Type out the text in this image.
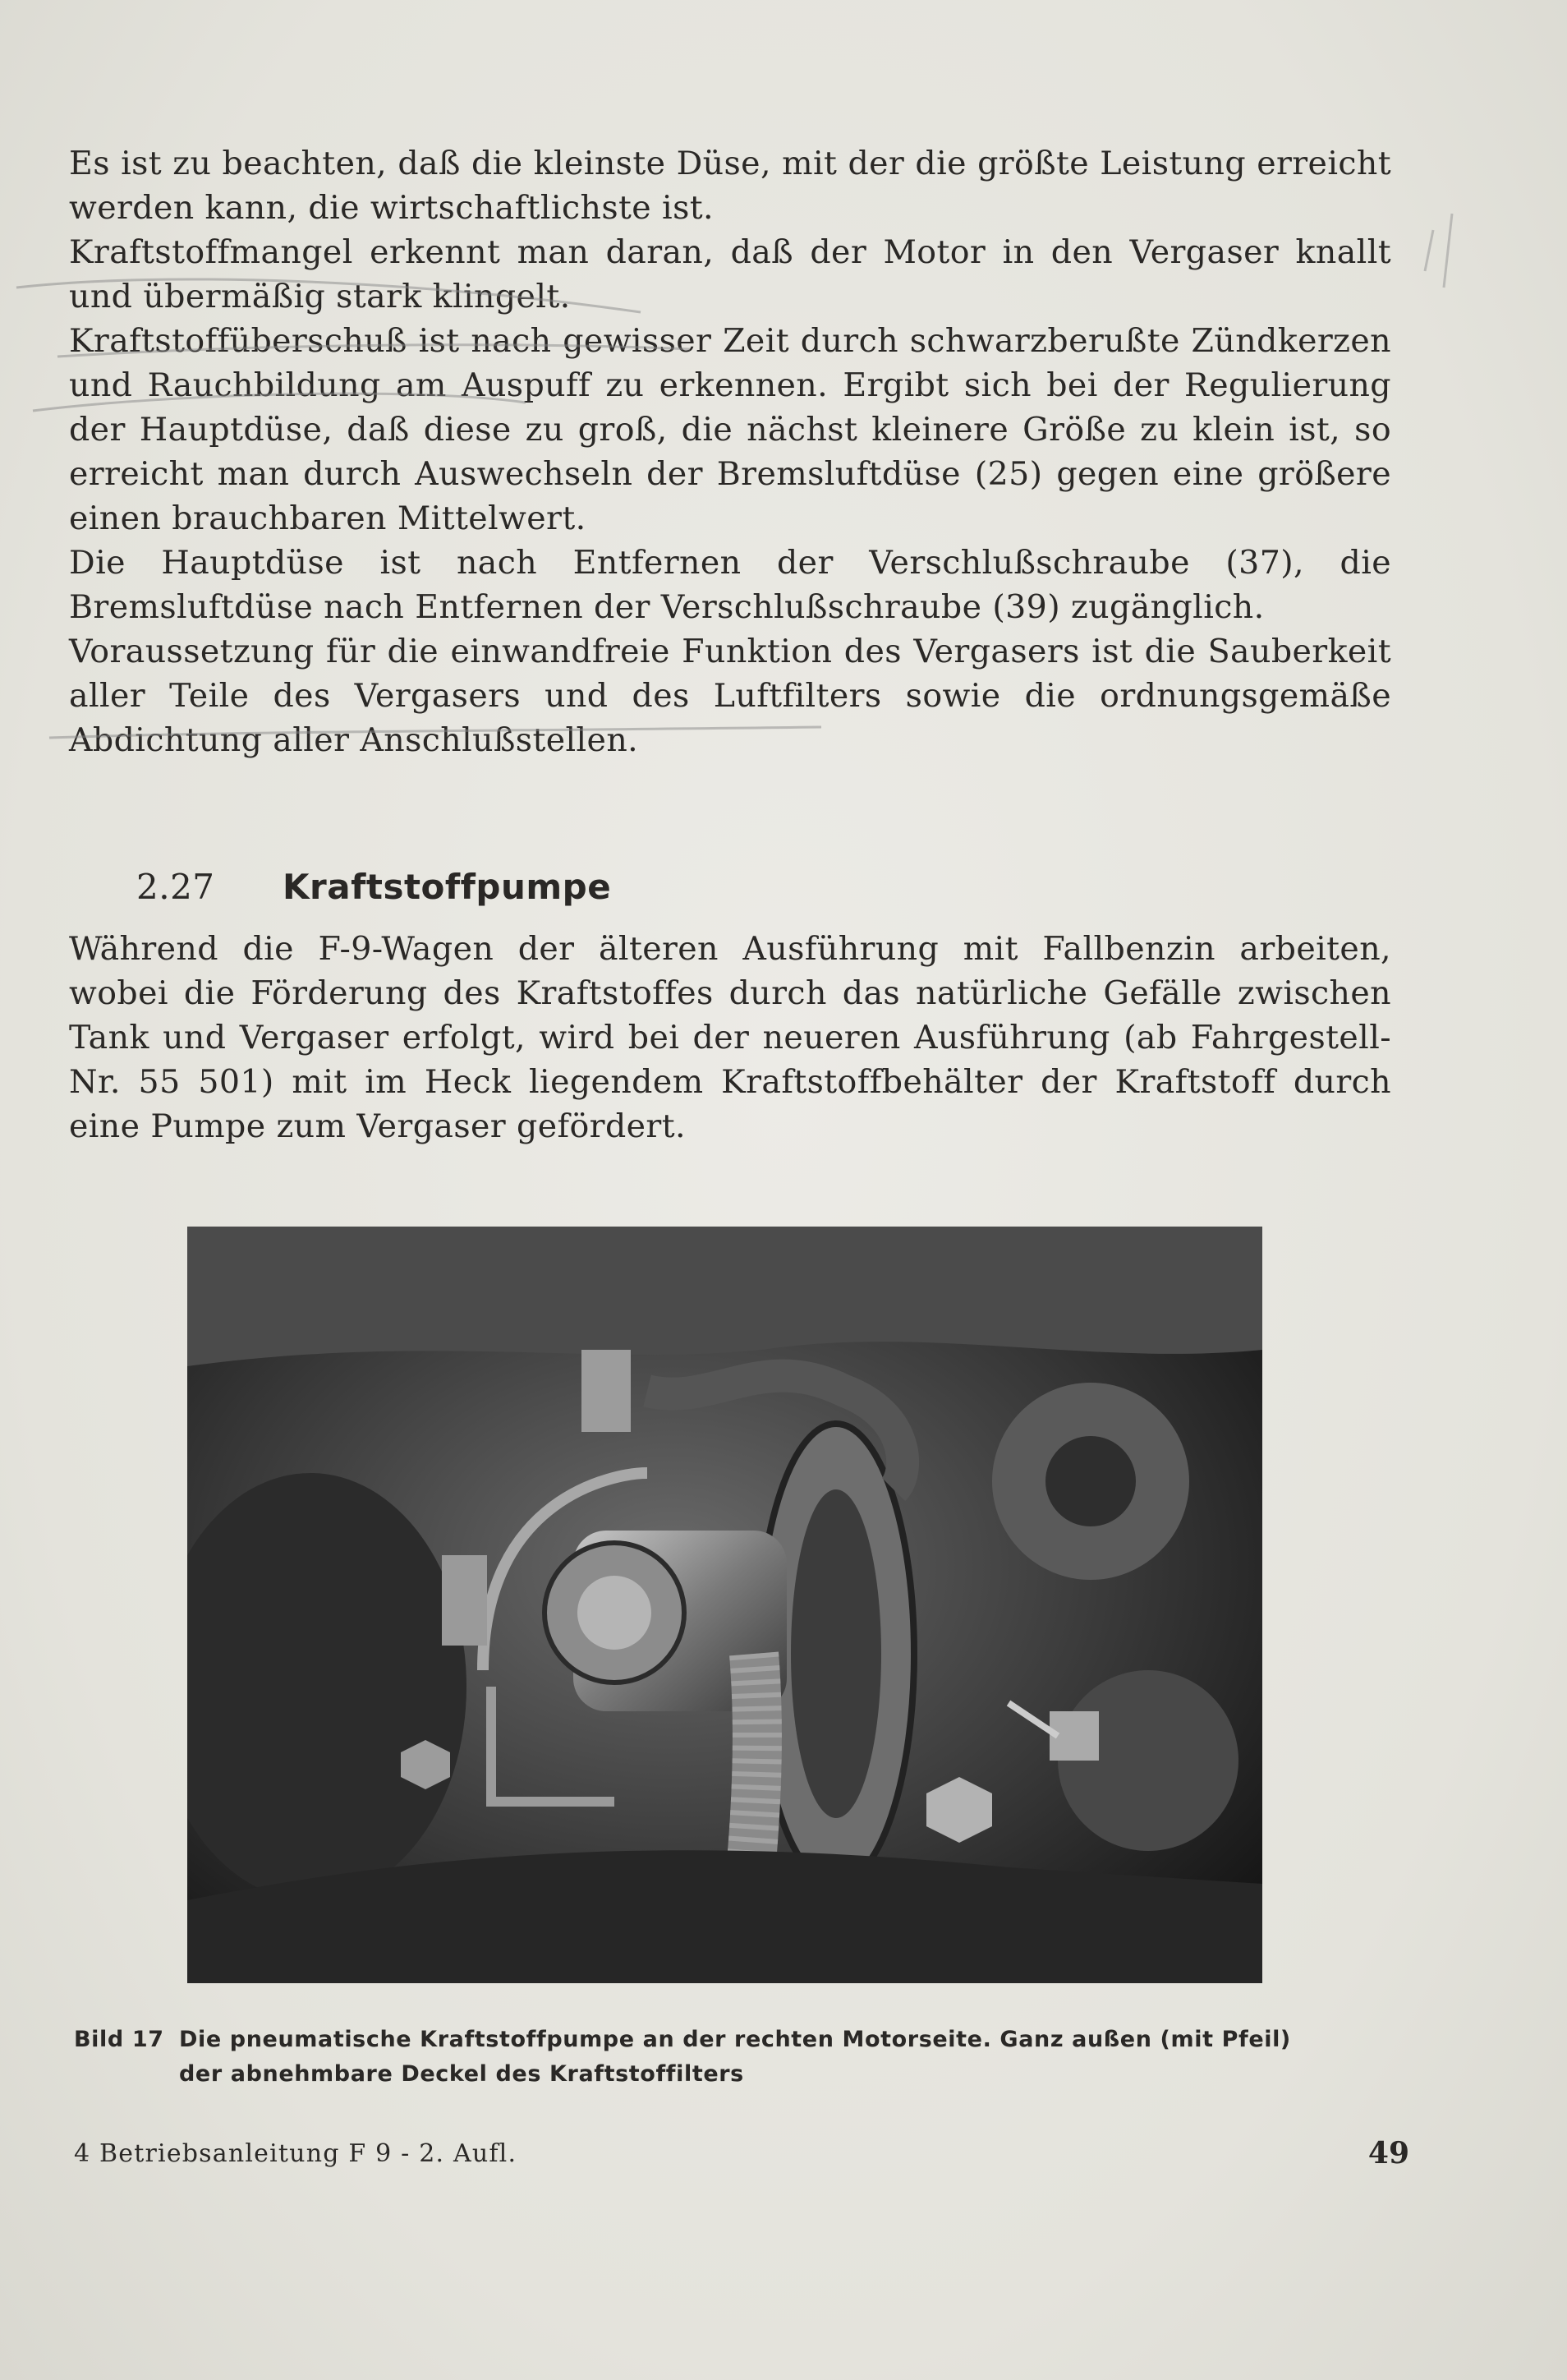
Es ist zu beachten, daß die kleinste Düse, mit der die größte Leistung erreicht werden kann, die wirtschaftlichste ist.

Kraftstoffmangel erkennt man daran, daß der Motor in den Vergaser knallt und übermäßig stark klingelt.

Kraftstoffüberschuß ist nach gewisser Zeit durch schwarzberußte Zündkerzen und Rauchbildung am Auspuff zu erkennen. Ergibt sich bei der Regulierung der Hauptdüse, daß diese zu groß, die nächst kleinere Größe zu klein ist, so erreicht man durch Auswechseln der Bremsluftdüse (25) gegen eine größere einen brauchbaren Mittelwert.

Die Hauptdüse ist nach Entfernen der Verschlußschraube (37), die Bremsluftdüse nach Entfernen der Verschlußschraube (39) zugänglich.

Voraussetzung für die einwandfreie Funktion des Vergasers ist die Sauberkeit aller Teile des Vergasers und des Luftfilters sowie die ordnungsgemäße Abdichtung aller Anschlußstellen.

2.27 Kraftstoffpumpe

Während die F-9-Wagen der älteren Ausführung mit Fallbenzin arbeiten, wobei die Förderung des Kraftstoffes durch das natürliche Gefälle zwischen Tank und Vergaser erfolgt, wird bei der neueren Ausführung (ab Fahrgestell-Nr. 55 501) mit im Heck liegendem Kraftstoffbehälter der Kraftstoff durch eine Pumpe zum Vergaser gefördert.

Bild 17 Die pneumatische Kraftstoffpumpe an der rechten Motorseite. Ganz außen (mit Pfeil)
der abnehmbare Deckel des Kraftstoffilters
4 Betriebsanleitung F 9 - 2. Aufl.	49
